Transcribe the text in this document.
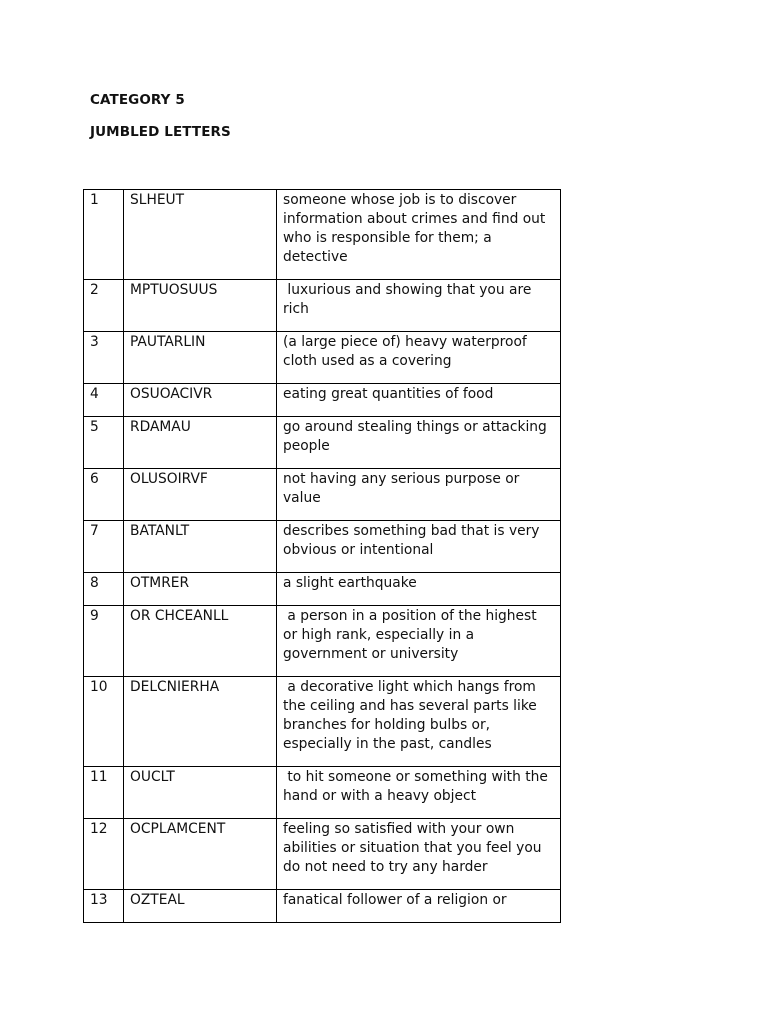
CATEGORY 5
JUMBLED LETTERS
1	SLHEUT	someone whose job is to discover information about crimes and find out who is responsible for them; a detective
2	MPTUOSUUS	luxurious and showing that you are rich
3	PAUTARLIN	(a large piece of) heavy waterproof cloth used as a covering
4	OSUOACIVR	eating great quantities of food
5	RDAMAU	go around stealing things or attacking people
6	OLUSOIRVF	not having any serious purpose or value
7	BATANLT	describes something bad that is very obvious or intentional
8	OTMRER	a slight earthquake
9	OR CHCEANLL	a person in a position of the highest or high rank, especially in a government or university
10	DELCNIERHA	a decorative light which hangs from the ceiling and has several parts like branches for holding bulbs or, especially in the past, candles
11	OUCLT	to hit someone or something with the hand or with a heavy object
12	OCPLAMCENT	feeling so satisfied with your own abilities or situation that you feel you do not need to try any harder
13	OZTEAL	fanatical follower of a religion or
